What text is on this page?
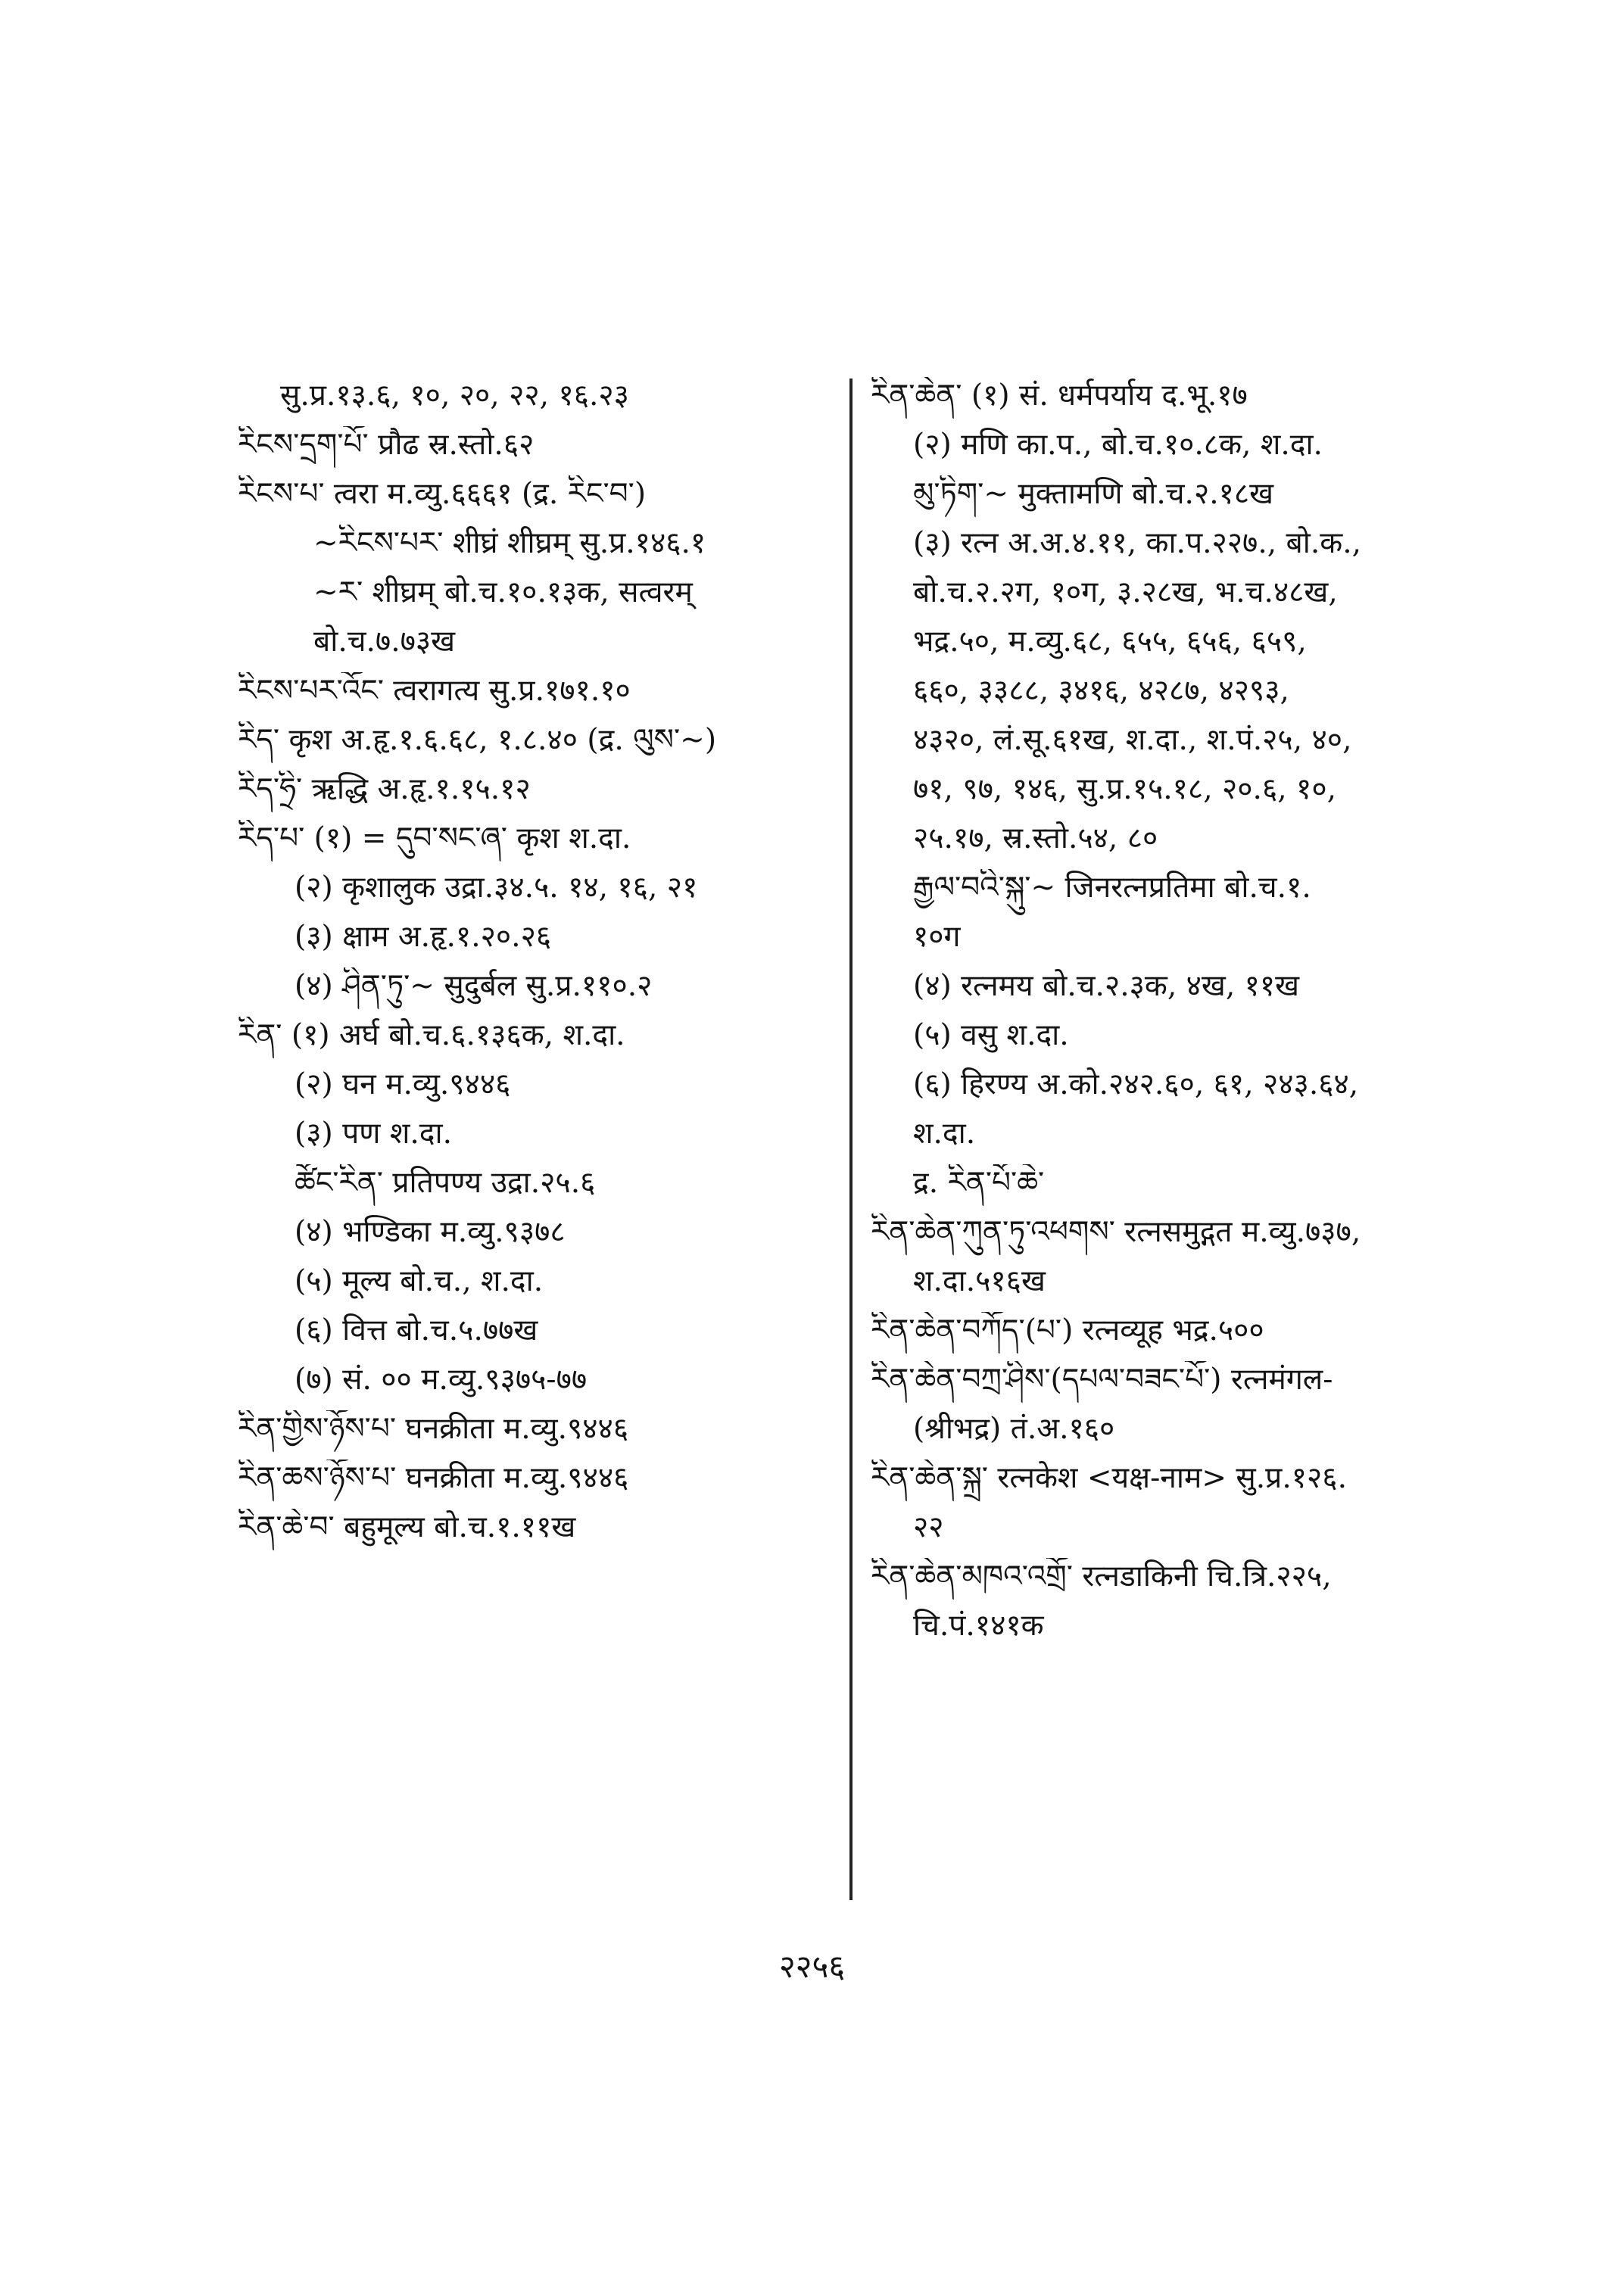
सु.प्र.१३.६, १०, २०, २२, १६.२३
རིངས་དྲག་པོ་ प्रौढ स्र.स्तो.६२
རིངས་པ་ त्वरा म.व्यु.६६६१ (द्र. རིང་བ་)
~རིངས་པར་ शीघ्रं शीघ्रम् सु.प्र.१४६.१
~ར་ शीघ्रम् बो.च.१०.१३क, सत्वरम्
बो.च.७.७३ख
རིངས་པར་འོང་ त्वरागत्य सु.प्र.१७१.१०
རིད་ कृश अ.हृ.१.६.६८, १.८.४० (द्र. ལུས་~)
རིད་ཧྲི་ ऋद्धि अ.हृ.१.१५.१२
རིད་པ་ (१) = དུབ་སང་ཞ་ कृश श.दा.
(२) कृशालुक उद्रा.३४.५. १४, १६, २१
(३) क्षाम अ.हृ.१.२०.२६
(४) ཤིན་ཏུ་~ सुदुर्बल सु.प्र.११०.२
རིན་ (१) अर्घ बो.च.६.१३६क, श.दा.
(२) घन म.व्यु.९४४६
(३) पण श.दा.
ཚོང་རིན་ प्रतिपण्य उद्रा.२५.६
(४) भण्डिका म.व्यु.९३७८
(५) मूल्य बो.च., श.दा.
(६) वित्त बो.च.५.७७ख
(७) सं. ०० म.व्यु.९३७५-७७
རིན་གྱིས་ཉོས་པ་ घनक्रीता म.व्यु.९४४६
རིན་ཆས་ཉོས་པ་ घनक्रीता म.व्यु.९४४६
རིན་ཆེ་བ་ बहुमूल्य बो.च.१.११ख
རིན་ཆེན་ (१) सं. धर्मपर्याय द.भू.१७
(२) मणि का.प., बो.च.१०.८क, श.दा.
མུ་ཏིག་~ मुक्तामणि बो.च.२.१८ख
(३) रत्न अ.अ.४.११, का.प.२२७., बो.क.,
बो.च.२.२ग, १०ग, ३.२८ख, भ.च.४८ख,
भद्र.५०, म.व्यु.६८, ६५५, ६५६, ६५९,
६६०, ३३८८, ३४१६, ४२८७, ४२९३,
४३२०, लं.सू.६१ख, श.दा., श.पं.२५, ४०,
७१, ९७, १४६, सु.प्र.१५.१८, २०.६, १०,
२५.१७, स्र.स्तो.५४, ८०
རྒྱལ་བའི་སྐུ་~ जिनरत्नप्रतिमा बो.च.१.
१०ग
(४) रत्नमय बो.च.२.३क, ४ख, ११ख
(५) वसु श.दा.
(६) हिरण्य अ.को.२४२.६०, ६१, २४३.६४,
श.दा.
द्र. རིན་པོ་ཆེ་
རིན་ཆེན་ཀུན་ཏུ་འཕགས་ रत्नसमुद्गत म.व्यु.७३७,
श.दा.५१६ख
རིན་ཆེན་བཀོད་(པ་) रत्नव्यूह भद्र.५००
རིན་ཆེན་བཀྲ་ཤིས་(དཔལ་བཟང་པོ་) रत्नमंगल-
(श्रीभद्र) तं.अ.१६०
རིན་ཆེན་སྐྲ་ रत्नकेश <यक्ष-नाम> सु.प्र.१२६.
२२
རིན་ཆེན་མཁའ་འགྲོ་ रत्नडाकिनी चि.त्रि.२२५,
चि.पं.१४१क
२२५६
